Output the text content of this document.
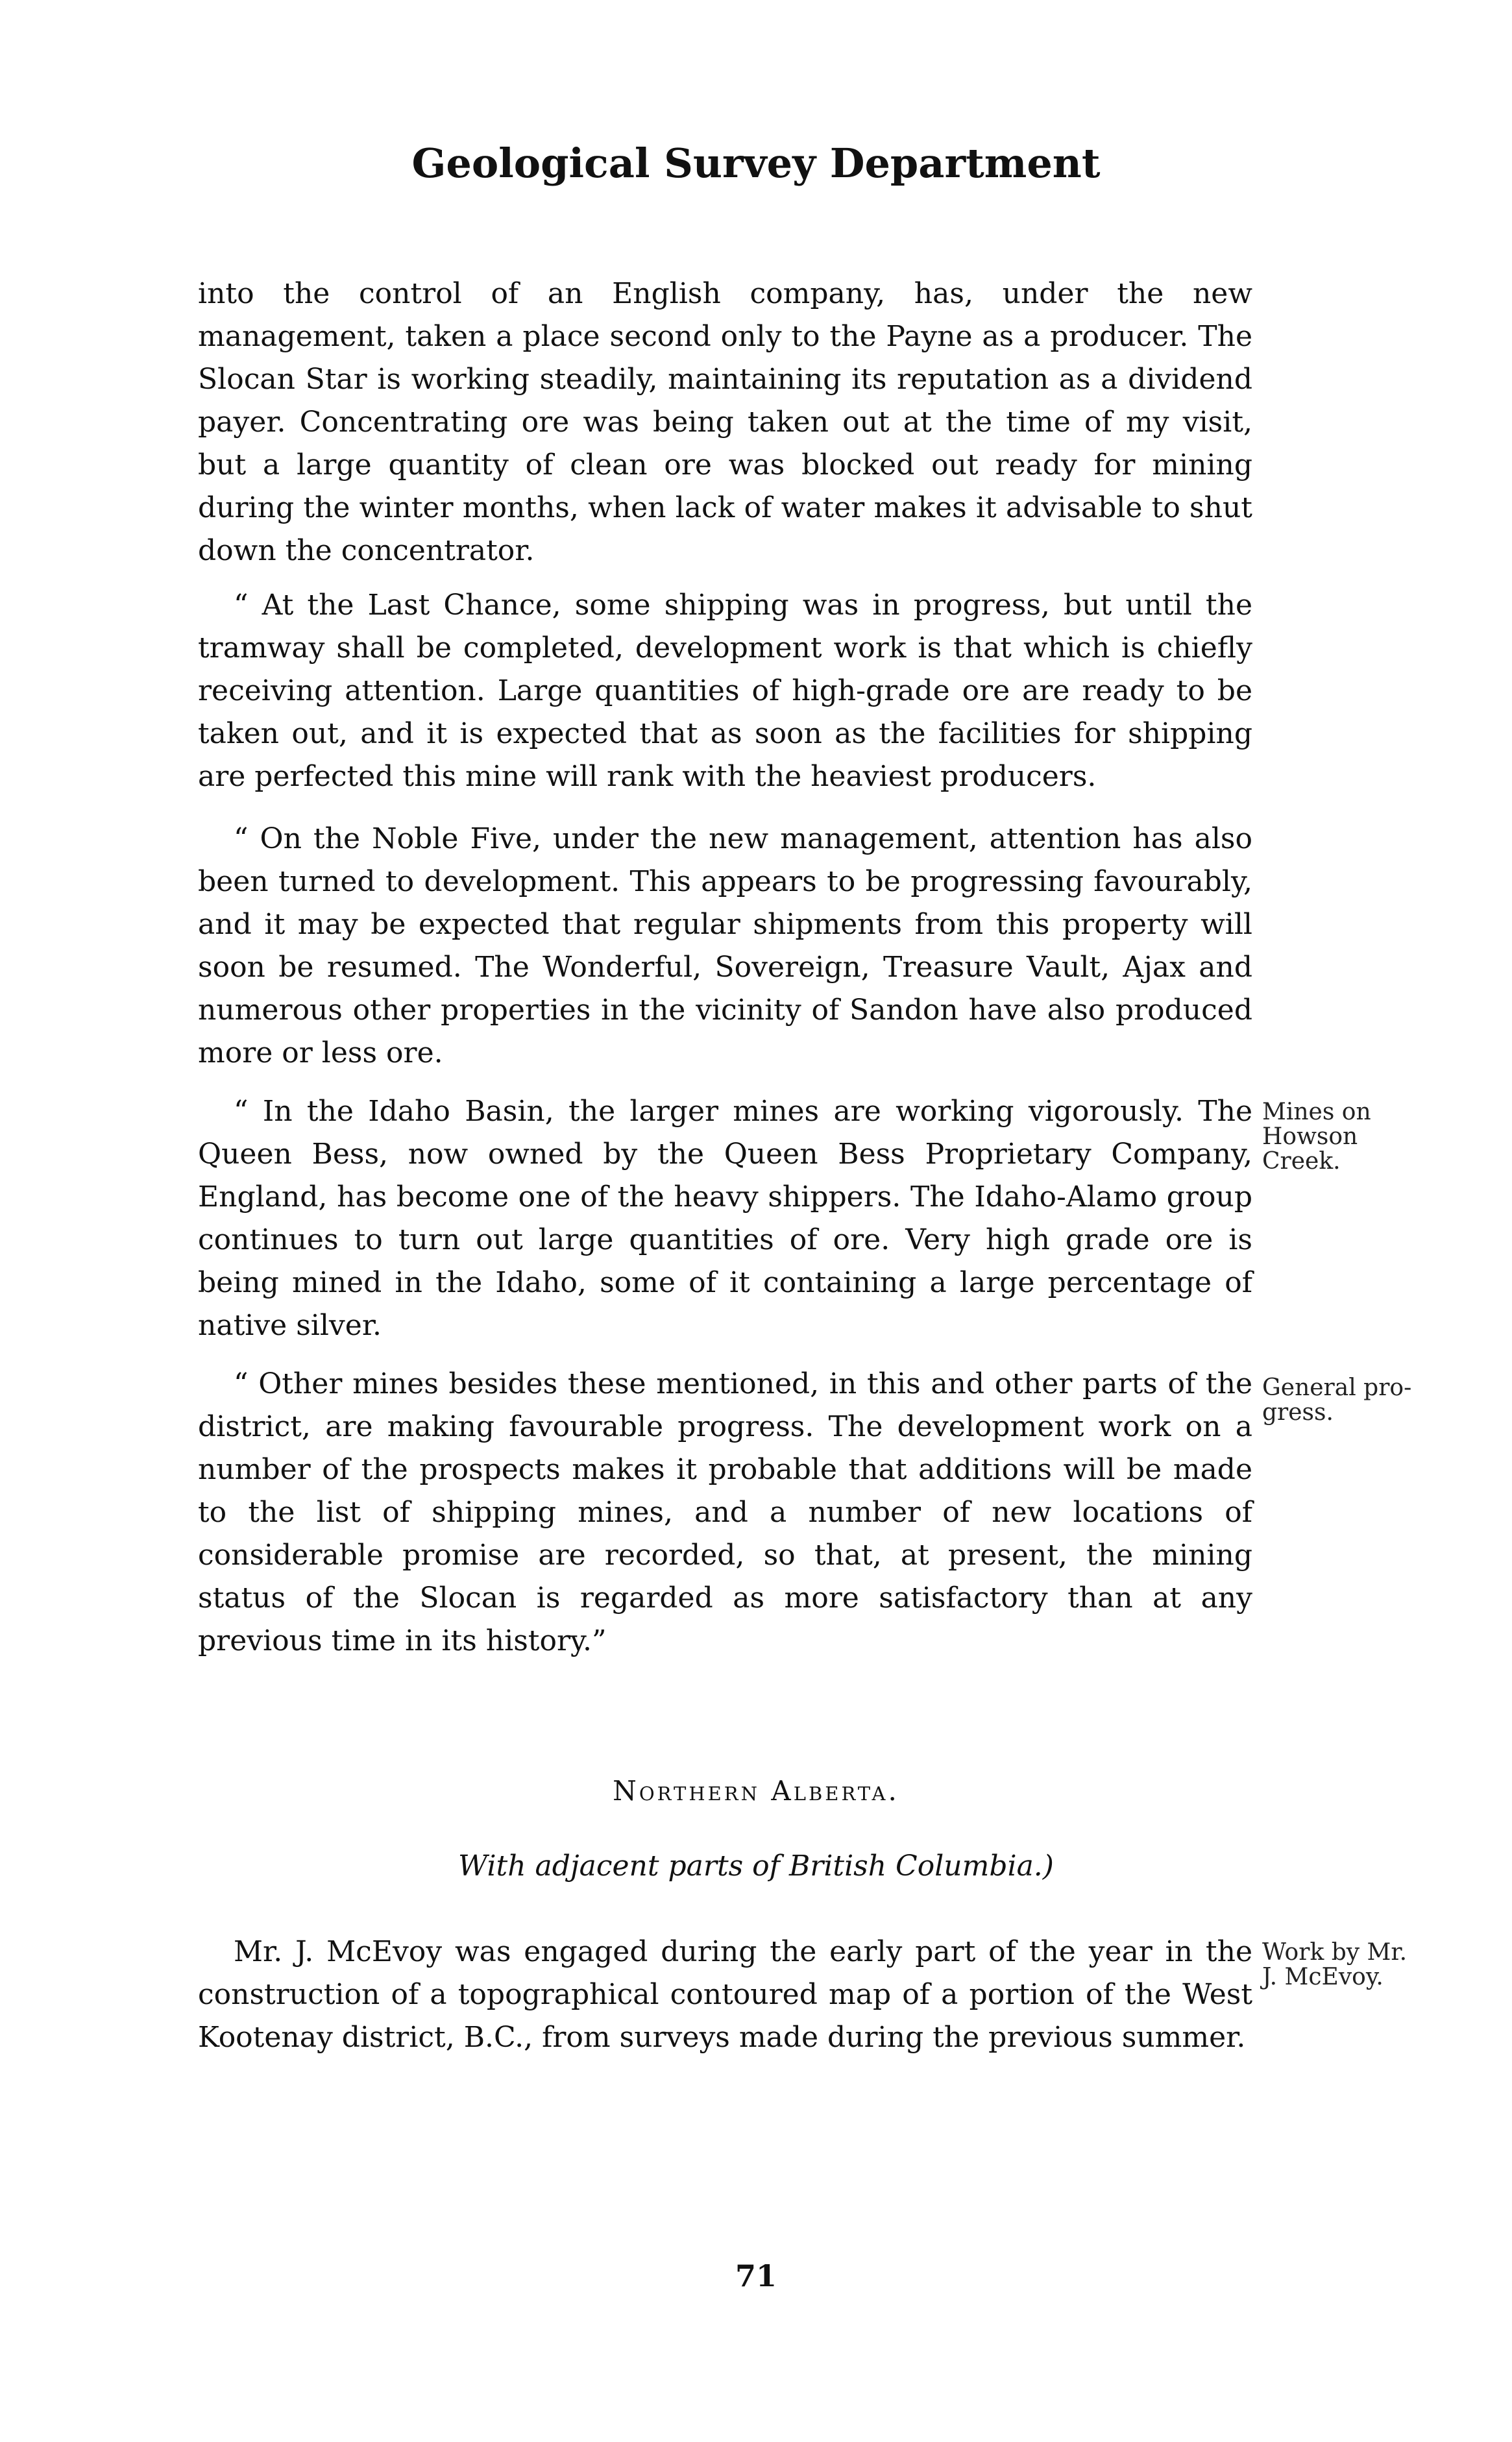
Geological Survey Department

into the control of an English company, has, under the new management, taken a place second only to the Payne as a producer. The Slocan Star is working steadily, maintaining its reputation as a dividend payer. Concentrating ore was being taken out at the time of my visit, but a large quantity of clean ore was blocked out ready for mining during the winter months, when lack of water makes it advisable to shut down the concentrator.

“ At the Last Chance, some shipping was in progress, but until the tramway shall be completed, development work is that which is chiefly receiving attention. Large quantities of high-grade ore are ready to be taken out, and it is expected that as soon as the facilities for shipping are perfected this mine will rank with the heaviest producers.

“ On the Noble Five, under the new management, attention has also been turned to development. This appears to be progressing favourably, and it may be expected that regular shipments from this property will soon be resumed. The Wonderful, Sovereign, Treasure Vault, Ajax and numerous other properties in the vicinity of Sandon have also produced more or less ore.

“ In the Idaho Basin, the larger mines are working vigorously. The Queen Bess, now owned by the Queen Bess Proprietary Company, England, has become one of the heavy shippers. The Idaho-Alamo group continues to turn out large quantities of ore. Very high grade ore is being mined in the Idaho, some of it containing a large percentage of native silver.

Mines on
Howson
Creek.

“ Other mines besides these mentioned, in this and other parts of the district, are making favourable progress. The development work on a number of the prospects makes it probable that additions will be made to the list of shipping mines, and a number of new locations of considerable promise are recorded, so that, at present, the mining status of the Slocan is regarded as more satisfactory than at any previous time in its history.”

General pro-
gress.
Northern Alberta.
With adjacent parts of British Columbia.)

Mr. J. McEvoy was engaged during the early part of the year in the construction of a topographical contoured map of a portion of the West Kootenay district, B.C., from surveys made during the previous summer.

Work by Mr.
J. McEvoy.
71
